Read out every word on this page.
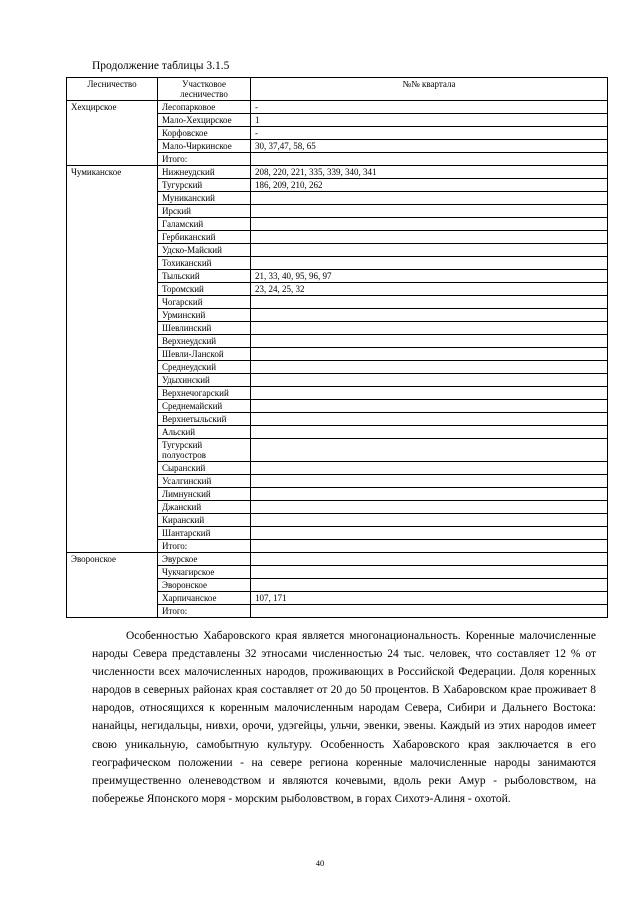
Продолжение таблицы 3.1.5
Лесничество	Участковое лесничество	№№ квартала
Хехцирское	Лесопарковое	-
	Мало-Хехцирское	1
	Корфовское	-
	Мало-Чиркинское	30, 37,47, 58, 65
	Итого:	
Чумиканское	Нижнеудский	208, 220, 221, 335, 339, 340, 341
	Тугурский	186, 209, 210, 262
	Муниканский	
	Ирский	
	Галамский	
	Гербиканский	
	Удско-Майский	
	Тохиканский	
	Тыльский	21, 33, 40, 95, 96, 97
	Торомский	23, 24, 25, 32
	Чогарский	
	Урминский	
	Шевлинский	
	Верхнеудский	
	Шевли-Ланской	
	Среднеудский	
	Удыхинский	
	Верхнечогарский	
	Среднемайский	
	Верхнетыльский	
	Альский	
	Тугурский полуостров	
	Сыранский	
	Усалгинский	
	Лимнунский	
	Джанский	
	Киранский	
	Шантарский	
	Итого:	
Эворонское	Эвурское	
	Чукчагирское	
	Эворонское	
	Харпичанское	107, 171
	Итого:	
Особенностью Хабаровского края является многонациональность. Коренные малочисленные народы Севера представлены 32 этносами численностью 24 тыс. человек, что составляет 12 % от численности всех малочисленных народов, проживающих в Российской Федерации. Доля коренных народов в северных районах края составляет от 20 до 50 процентов. В Хабаровском крае проживает 8 народов, относящихся к коренным малочисленным народам Севера, Сибири и Дальнего Востока: нанайцы, негидальцы, нивхи, орочи, удэгейцы, ульчи, эвенки, эвены. Каждый из этих народов имеет свою уникальную, самобытную культуру. Особенность Хабаровского края заключается в его географическом положении - на севере региона коренные малочисленные народы занимаются преимущественно оленеводством и являются кочевыми, вдоль реки Амур - рыболовством, на побережье Японского моря - морским рыболовством, в горах Сихотэ-Алиня - охотой.
40
